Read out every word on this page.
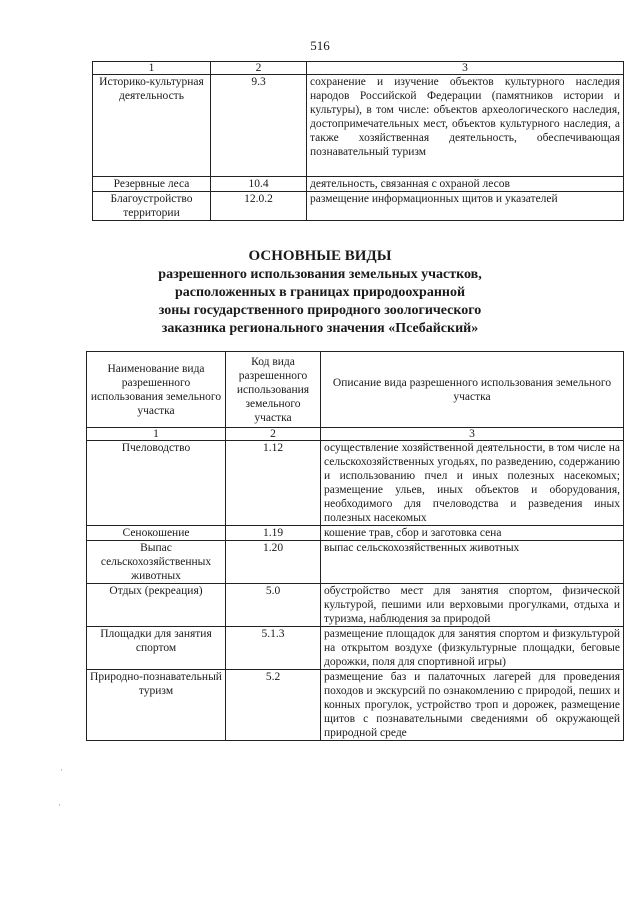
516
1	2	3
Историко-культурная деятельность	9.3	сохранение и изучение объектов культурного наследия народов Российской Федерации (памятников истории и культуры), в том числе: объектов археологического наследия, достопримечательных мест, объектов культурного наследия, а также хозяйственная деятельность, обеспечивающая познавательный туризм
Резервные леса	10.4	деятельность, связанная с охраной лесов
Благоустройство территории	12.0.2	размещение информационных щитов и указателей
ОСНОВНЫЕ ВИДЫ
разрешенного использования земельных участков,
расположенных в границах природоохранной
зоны государственного природного зоологического
заказника регионального значения «Псебайский»
Наименование вида разрешенного использования земельного участка	Код вида разрешенного использования земельного участка	Описание вида разрешенного использования земельного участка
1	2	3
Пчеловодство	1.12	осуществление хозяйственной деятельности, в том числе на сельскохозяйственных угодьях, по разведению, содержанию и использованию пчел и иных полезных насекомых; размещение ульев, иных объектов и оборудования, необходимого для пчеловодства и разведения иных полезных насекомых
Сенокошение	1.19	кошение трав, сбор и заготовка сена
Выпас сельскохозяйственных животных	1.20	выпас сельскохозяйственных животных
Отдых (рекреация)	5.0	обустройство мест для занятия спортом, физической культурой, пешими или верховыми прогулками, отдыха и туризма, наблюдения за природой
Площадки для занятия спортом	5.1.3	размещение площадок для занятия спортом и физкультурой на открытом воздухе (физкультурные площадки, беговые дорожки, поля для спортивной игры)
Природно-познавательный туризм	5.2	размещение баз и палаточных лагерей для проведения походов и экскурсий по ознакомлению с природой, пеших и конных прогулок, устройство троп и дорожек, размещение щитов с познавательными сведениями об окружающей природной среде
·
·
